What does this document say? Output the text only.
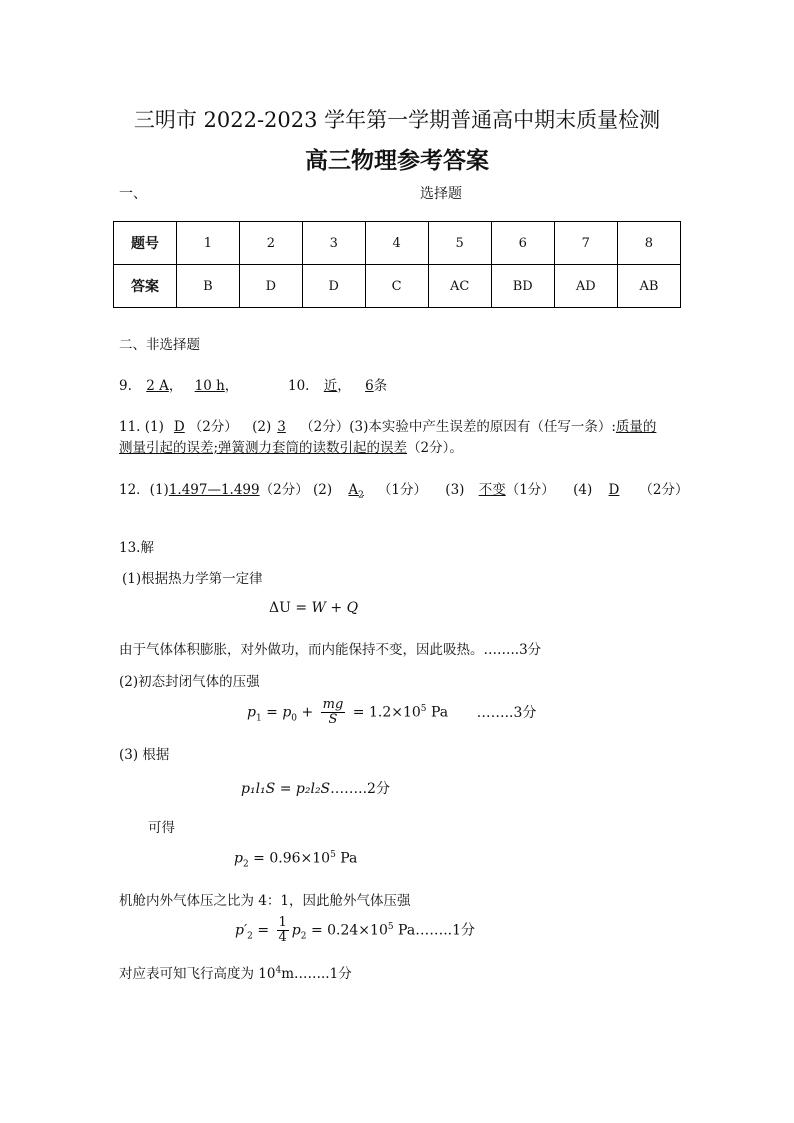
三明市 2022-2023 学年第一学期普通高中期末质量检测
高三物理参考答案
一、	选择题
题号	1	2	3	4	5	6	7	8
答案	B	D	D	C	AC	BD	AD	AB
二、非选择题
9. 2 A， 10 h，	10. 近， 6条
11. (1) D （2分） (2) 3 （2分）(3)本实验中产生误差的原因有（任写一条）:质量的
测量引起的误差;弹簧测力套筒的读数引起的误差（2分）。
12．(1)1.497—1.499（2分） (2) $A_2$ （1分） (3) 不变（1分） (4) D （2分）
13.解
(1)根据热力学第一定律
ΔU = W + Q
由于气体体积膨胀，对外做功，而内能保持不变，因此吸热。……..3分
(2)初态封闭气体的压强
$p_1 = p_0 + \frac{mg}{S} = 1.2\times 10^5$ Pa ……..3分
(3) 根据
p₁l₁S = p₂l₂S……..2分
可得
$p_2 = 0.96\times 10^5$ Pa
机舱内外气体压之比为 4：1，因此舱外气体压强
$p'_2 = \frac{1}{4} p_2 = 0.24\times 10^5$ Pa……..1分
对应表可知飞行高度为 $10^4m\dots\dots..1$分
